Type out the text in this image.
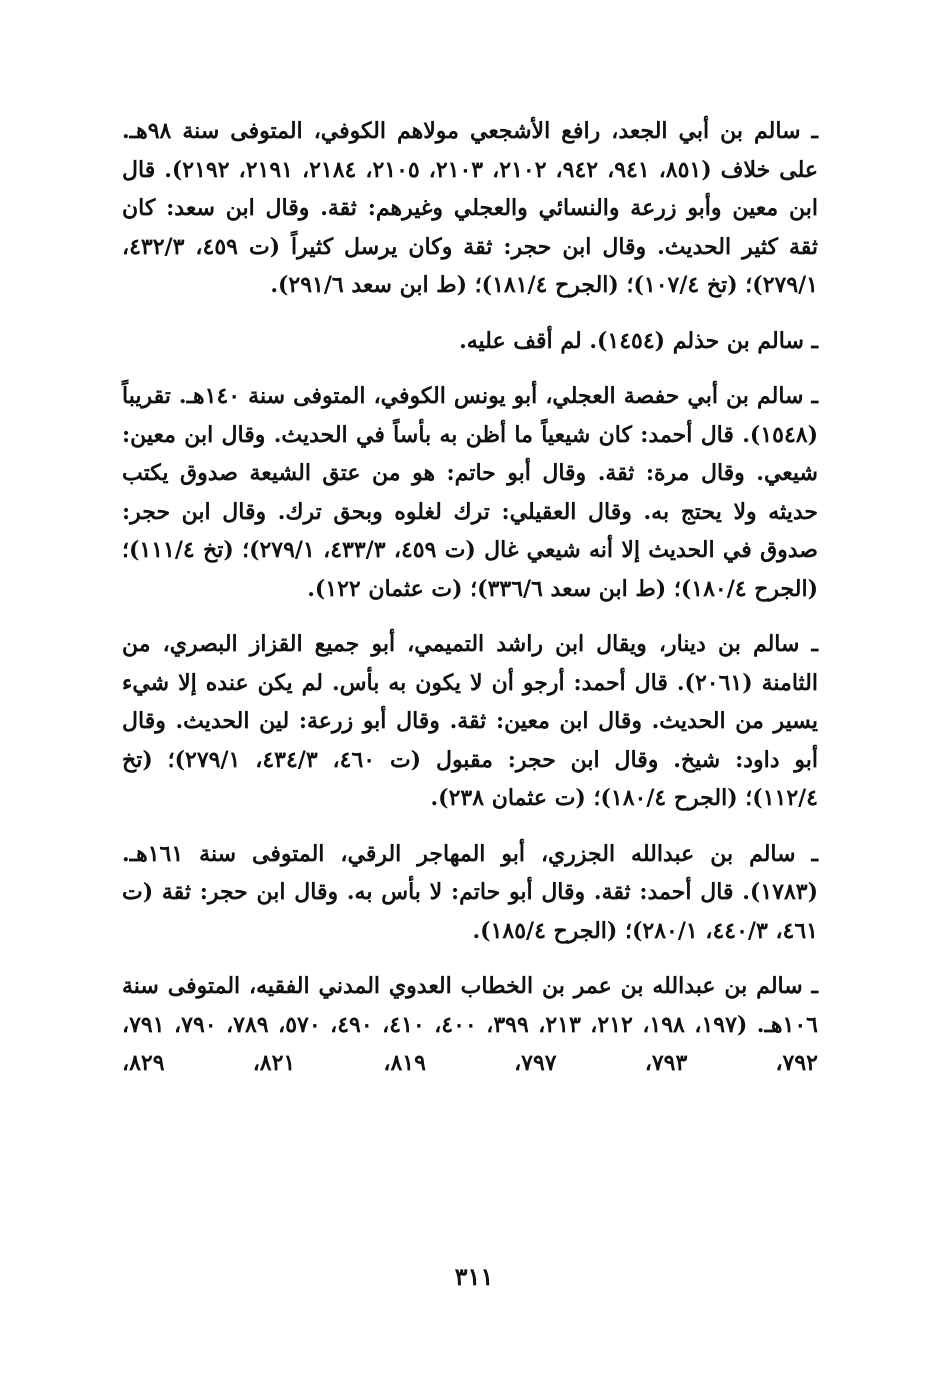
ـ سالم بن أبي الجعد، رافع الأشجعي مولاهم الكوفي، المتوفى سنة ٩٨هـ. على خلاف (٨٥١، ٩٤١، ٩٤٢، ٢١٠٢، ٢١٠٣، ٢١٠٥، ٢١٨٤، ٢١٩١، ٢١٩٢). قال ابن معين وأبو زرعة والنسائي والعجلي وغيرهم: ثقة. وقال ابن سعد: كان ثقة كثير الحديث. وقال ابن حجر: ثقة وكان يرسل كثيراً (ت ٤٥٩، ٤٣٢/٣، ٢٧٩/١)؛ (تخ ١٠٧/٤)؛ (الجرح ١٨١/٤)؛ (ط ابن سعد ٢٩١/٦).

ـ سالم بن حذلم (١٤٥٤). لم أقف عليه.

ـ سالم بن أبي حفصة العجلي، أبو يونس الكوفي، المتوفى سنة ١٤٠هـ. تقريباً (١٥٤٨). قال أحمد: كان شيعياً ما أظن به بأساً في الحديث. وقال ابن معين: شيعي. وقال مرة: ثقة. وقال أبو حاتم: هو من عتق الشيعة صدوق يكتب حديثه ولا يحتج به. وقال العقيلي: ترك لغلوه وبحق ترك. وقال ابن حجر: صدوق في الحديث إلا أنه شيعي غال (ت ٤٥٩، ٤٣٣/٣، ٢٧٩/١)؛ (تخ ١١١/٤)؛ (الجرح ١٨٠/٤)؛ (ط ابن سعد ٣٣٦/٦)؛ (ت عثمان ١٢٢).

ـ سالم بن دينار، ويقال ابن راشد التميمي، أبو جميع القزاز البصري، من الثامنة (٢٠٦١). قال أحمد: أرجو أن لا يكون به بأس. لم يكن عنده إلا شيء يسير من الحديث. وقال ابن معين: ثقة. وقال أبو زرعة: لين الحديث. وقال أبو داود: شيخ. وقال ابن حجر: مقبول (ت ٤٦٠، ٤٣٤/٣، ٢٧٩/١)؛ (تخ ١١٢/٤)؛ (الجرح ١٨٠/٤)؛ (ت عثمان ٢٣٨).

ـ سالم بن عبدالله الجزري، أبو المهاجر الرقي، المتوفى سنة ١٦١هـ. (١٧٨٣). قال أحمد: ثقة. وقال أبو حاتم: لا بأس به. وقال ابن حجر: ثقة (ت ٤٦١، ٤٤٠/٣، ٢٨٠/١)؛ (الجرح ١٨٥/٤).

ـ سالم بن عبدالله بن عمر بن الخطاب العدوي المدني الفقيه، المتوفى سنة ١٠٦هـ. (١٩٧، ١٩٨، ٢١٢، ٢١٣، ٣٩٩، ٤٠٠، ٤١٠، ٤٩٠، ٥٧٠، ٧٨٩، ٧٩٠، ٧٩١، ٧٩٢، ٧٩٣، ٧٩٧، ٨١٩، ٨٢١، ٨٢٩،

٣١١
